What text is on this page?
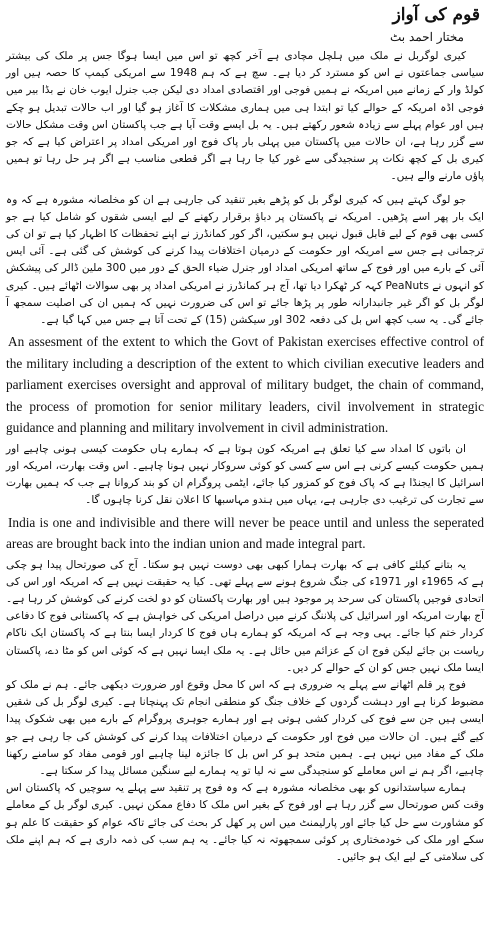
قوم کی آواز
مختار احمد بٹ

کیری لوگربل نے ملک میں ہلچل مچادی ہے آخر کچھ تو اس میں ایسا ہوگا جس پر ملک کی بیشتر سیاسی جماعتوں نے اس کو مسترد کر دیا ہے۔ سچ ہے کہ ہم 1948 سے امریکی کیمپ کا حصہ ہیں اور کولڈ وار کے زمانے میں امریکہ نے ہمیں فوجی اور اقتصادی امداد دی لیکن جب جنرل ایوب خان نے بڈا بیر میں فوجی اڈہ امریکہ کے حوالے کیا تو ابتدا ہی میں ہماری مشکلات کا آغاز ہو گیا اور اب حالات تبدیل ہو چکے ہیں اور عوام پہلے سے زیادہ شعور رکھتے ہیں۔ یہ بل ایسے وقت آیا ہے جب پاکستان اس وقت مشکل حالات سے گزر رہا ہے، ان حالات میں پاکستان میں پہلی بار پاک فوج اور امریکی امداد پر اعتراض کیا ہے کہ جو کیری بل کے کچھ نکات پر سنجیدگی سے غور کیا جا رہا ہے اگر قطعی مناسب ہے اگر ہر حل رہا تو ہمیں پاؤں مارنے والے ہیں۔

جو لوگ کہتے ہیں کہ کیری لوگر بل کو پڑھے بغیر تنقید کی جارہی ہے ان کو مخلصانہ مشورہ ہے کہ وہ ایک بار پھر اسے پڑھیں۔ امریکہ نے پاکستان پر دباؤ برقرار رکھنے کے لیے ایسی شقوں کو شامل کیا ہے جو کسی بھی قوم کے لیے قابل قبول نہیں ہو سکتیں، اگر کور کمانڈرز نے اپنے تحفظات کا اظہار کیا ہے تو ان کی ترجمانی ہے جس سے امریکہ اور حکومت کے درمیان اختلافات پیدا کرنے کی کوشش کی گئی ہے۔ آئی ایس آئی کے بارے میں اور فوج کے ساتھ امریکی امداد اور جنرل ضیاء الحق کے دور میں 300 ملین ڈالر کی پیشکش کو انہوں نے PeaNuts کہہ کر ٹھکرا دیا تھا، آج ہر کمانڈرز نے امریکی امداد پر بھی سوالات اٹھائے ہیں۔ کیری لوگر بل کو اگر غیر جانبدارانہ طور پر پڑھا جائے تو اس کی ضرورت نہیں کہ ہمیں ان کی اصلیت سمجھ آ جائے گی۔ یہ سب کچھ اس بل کی دفعہ 302 اور سیکشن (15) کے تحت آتا ہے جس میں کہا گیا ہے۔

An assesment of the extent to which the Govt of Pakistan exercises effective control of the military including a description of the extent to which civilian executive leaders and parliament exercises oversight and approval of military budget, the chain of command, the process of promotion for senior military leaders, civil involvement in strategic guidance and planning and military involvement in civil administration.

ان باتوں کا امداد سے کیا تعلق ہے امریکہ کون ہوتا ہے کہ ہمارے ہاں حکومت کیسی ہونی چاہیے اور ہمیں حکومت کیسے کرنی ہے اس سے کسی کو کوئی سروکار نہیں ہونا چاہیے۔ اس وقت بھارت، امریکہ اور اسرائیل کا ایجنڈا ہے کہ پاک فوج کو کمزور کیا جائے، ایٹمی پروگرام ان کو بند کروانا ہے جب کہ ہمیں بھارت سے تجارت کی ترغیب دی جارہی ہے، یہاں میں ہندو مہاسبھا کا اعلان نقل کرنا چاہوں گا۔

India is one and indivisible and there will never be peace until and unless the seperated areas are brought back into the indian union and made integral part.

یہ بتانے کیلئے کافی ہے کہ بھارت ہمارا کبھی بھی دوست نہیں ہو سکتا۔ آج کی صورتحال پیدا ہو چکی ہے کہ 1965ء اور 1971ء کی جنگ شروع ہونے سے پہلے تھی۔ کیا یہ حقیقت نہیں ہے کہ امریکہ اور اس کی اتحادی فوجیں پاکستان کی سرحد پر موجود ہیں اور بھارت پاکستان کو دو لخت کرنے کی کوشش کر رہا ہے۔ آج بھارت امریکہ اور اسرائیل کی پلاننگ کرنے میں دراصل امریکی کی خواہش ہے کہ پاکستانی فوج کا دفاعی کردار ختم کیا جائے۔ یہی وجہ ہے کہ امریکہ کو ہمارے ہاں فوج کا کردار ایسا بنتا ہے کہ پاکستان ایک ناکام ریاست بن جائے لیکن فوج ان کے عزائم میں حائل ہے۔ یہ ملک ایسا نہیں ہے کہ کوئی اس کو مٹا دے، پاکستان ایسا ملک نہیں جس کو ان کے حوالے کر دیں۔

فوج پر قلم اٹھانے سے پہلے یہ ضروری ہے کہ اس کا محل وقوع اور ضرورت دیکھی جائے۔ ہم نے ملک کو مضبوط کرنا ہے اور دہشت گردوں کے خلاف جنگ کو منطقی انجام تک پہنچانا ہے۔ کیری لوگر بل کی شقیں ایسی ہیں جن سے فوج کی کردار کشی ہوتی ہے اور ہمارے جوہری پروگرام کے بارے میں بھی شکوک پیدا کیے گئے ہیں۔ ان حالات میں فوج اور حکومت کے درمیان اختلافات پیدا کرنے کی کوشش کی جا رہی ہے جو ملک کے مفاد میں نہیں ہے۔ ہمیں متحد ہو کر اس بل کا جائزہ لینا چاہیے اور قومی مفاد کو سامنے رکھنا چاہیے، اگر ہم نے اس معاملے کو سنجیدگی سے نہ لیا تو یہ ہمارے لیے سنگین مسائل پیدا کر سکتا ہے۔

ہمارے سیاستدانوں کو بھی مخلصانہ مشورہ ہے کہ وہ فوج پر تنقید سے پہلے یہ سوچیں کہ پاکستان اس وقت کس صورتحال سے گزر رہا ہے اور فوج کے بغیر اس ملک کا دفاع ممکن نہیں۔ کیری لوگر بل کے معاملے کو مشاورت سے حل کیا جائے اور پارلیمنٹ میں اس پر کھل کر بحث کی جائے تاکہ عوام کو حقیقت کا علم ہو سکے اور ملک کی خودمختاری پر کوئی سمجھوتہ نہ کیا جائے۔ یہ ہم سب کی ذمہ داری ہے کہ ہم اپنے ملک کی سلامتی کے لیے ایک ہو جائیں۔
